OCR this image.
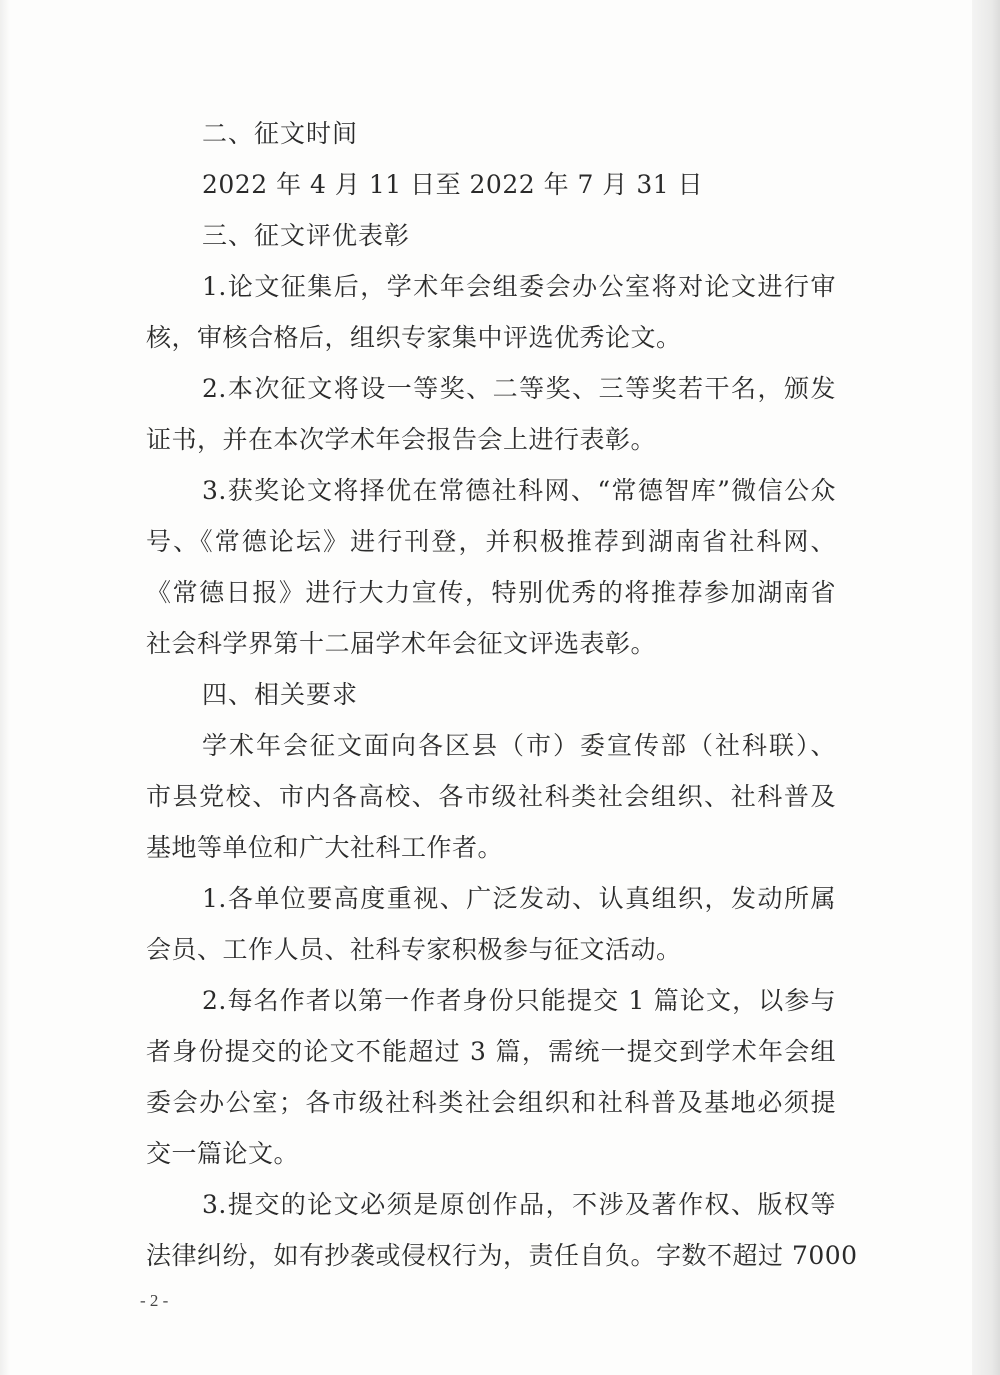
二、征文时间
2022 年 4 月 11 日至 2022 年 7 月 31 日
三、征文评优表彰
1.论文征集后，学术年会组委会办公室将对论文进行审
核，审核合格后，组织专家集中评选优秀论文。
2.本次征文将设一等奖、二等奖、三等奖若干名，颁发
证书，并在本次学术年会报告会上进行表彰。
3.获奖论文将择优在常德社科网、“常德智库”微信公众
号、《常德论坛》进行刊登，并积极推荐到湖南省社科网、
《常德日报》进行大力宣传，特别优秀的将推荐参加湖南省
社会科学界第十二届学术年会征文评选表彰。
四、相关要求
学术年会征文面向各区县（市）委宣传部（社科联）、
市县党校、市内各高校、各市级社科类社会组织、社科普及
基地等单位和广大社科工作者。
1.各单位要高度重视、广泛发动、认真组织，发动所属
会员、工作人员、社科专家积极参与征文活动。
2.每名作者以第一作者身份只能提交 1 篇论文，以参与
者身份提交的论文不能超过 3 篇，需统一提交到学术年会组
委会办公室；各市级社科类社会组织和社科普及基地必须提
交一篇论文。
3.提交的论文必须是原创作品，不涉及著作权、版权等
法律纠纷，如有抄袭或侵权行为，责任自负。字数不超过 7000
- 2 -
